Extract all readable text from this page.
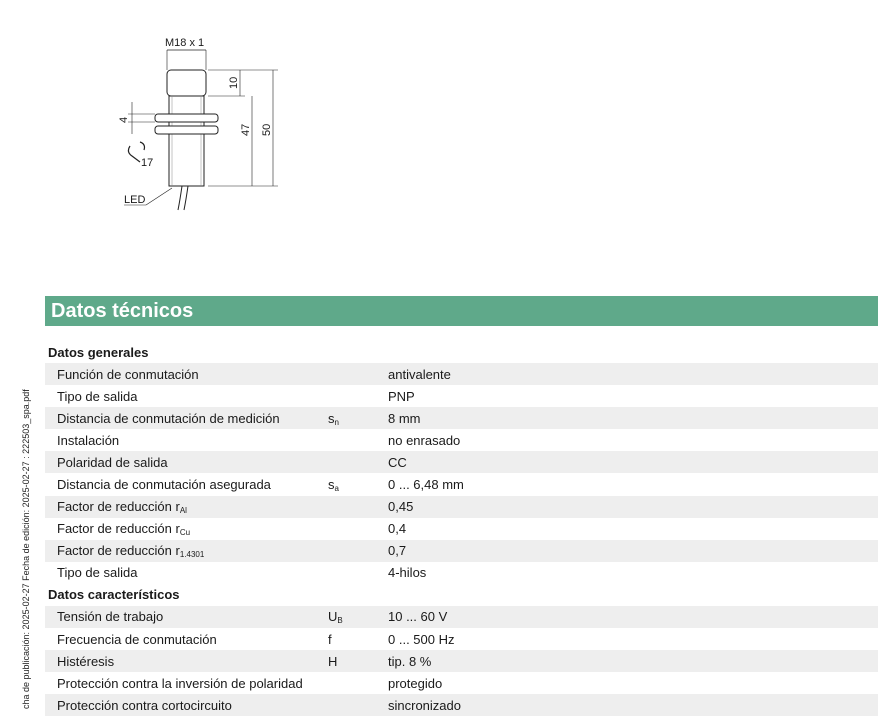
M18 x 1
10
47 50
4
17
LED
cha de publicación: 2025-02-27 Fecha de edición: 2025-02-27 : 222503_spa.pdf
Datos técnicos
Datos generales
Función de conmutación	antivalente
Tipo de salida	PNP
Distancia de conmutación de medición	$s_n$	8 mm
Instalación	no enrasado
Polaridad de salida	CC
Distancia de conmutación asegurada	$s_a$	0 ... 6,48 mm
Factor de reducción $r_{Al}$	0,45
Factor de reducción $r_{Cu}$	0,4
Factor de reducción $r_{1.4301}$	0,7
Tipo de salida	4-hilos
Datos característicos
Tensión de trabajo	$U_B$	10 ... 60 V
Frecuencia de conmutación	f	0 ... 500 Hz
Histéresis	H	tip. 8 %
Protección contra la inversión de polaridad	protegido
Protección contra cortocircuito	sincronizado
